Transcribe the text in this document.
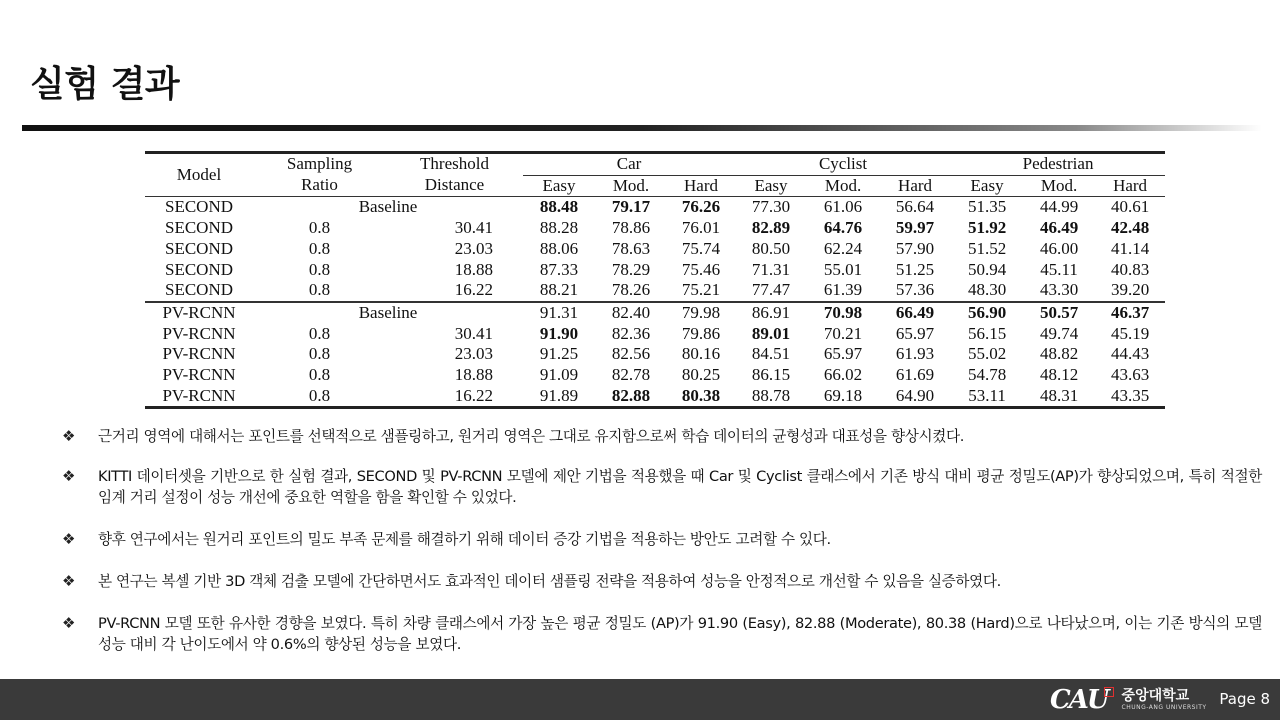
실험 결과
Model	Sampling	Threshold	Car			Cyclist			Pedestrian		
	Ratio	Distance	Easy	Mod.	Hard	Easy	Mod.	Hard	Easy	Mod.	Hard
SECOND	Baseline		88.48	79.17	76.26	77.30	61.06	56.64	51.35	44.99	40.61
SECOND	0.8	30.41	88.28	78.86	76.01	82.89	64.76	59.97	51.92	46.49	42.48
SECOND	0.8	23.03	88.06	78.63	75.74	80.50	62.24	57.90	51.52	46.00	41.14
SECOND	0.8	18.88	87.33	78.29	75.46	71.31	55.01	51.25	50.94	45.11	40.83
SECOND	0.8	16.22	88.21	78.26	75.21	77.47	61.39	57.36	48.30	43.30	39.20
PV-RCNN	Baseline		91.31	82.40	79.98	86.91	70.98	66.49	56.90	50.57	46.37
PV-RCNN	0.8	30.41	91.90	82.36	79.86	89.01	70.21	65.97	56.15	49.74	45.19
PV-RCNN	0.8	23.03	91.25	82.56	80.16	84.51	65.97	61.93	55.02	48.82	44.43
PV-RCNN	0.8	18.88	91.09	82.78	80.25	86.15	66.02	61.69	54.78	48.12	43.63
PV-RCNN	0.8	16.22	91.89	82.88	80.38	88.78	69.18	64.90	53.11	48.31	43.35
❖	근거리 영역에 대해서는 포인트를 선택적으로 샘플링하고, 원거리 영역은 그대로 유지함으로써 학습 데이터의 균형성과 대표성을 향상시켰다.
❖	KITTI 데이터셋을 기반으로 한 실험 결과, SECOND 및 PV-RCNN 모델에 제안 기법을 적용했을 때 Car 및 Cyclist 클래스에서 기존 방식 대비 평균 정밀도(AP)가 향상되었으며, 특히 적절한 임계 거리 설정이 성능 개선에 중요한 역할을 함을 확인할 수 있었다.
❖	향후 연구에서는 원거리 포인트의 밀도 부족 문제를 해결하기 위해 데이터 증강 기법을 적용하는 방안도 고려할 수 있다.
❖	본 연구는 복셀 기반 3D 객체 검출 모델에 간단하면서도 효과적인 데이터 샘플링 전략을 적용하여 성능을 안정적으로 개선할 수 있음을 실증하였다.
❖	PV-RCNN 모델 또한 유사한 경향을 보였다. 특히 차량 클래스에서 가장 높은 평균 정밀도 (AP)가 91.90 (Easy), 82.88 (Moderate), 80.38 (Hard)으로 나타났으며, 이는 기존 방식의 모델 성능 대비 각 난이도에서 약 0.6%의 향상된 성능을 보였다.
CAU 중앙대학교
CHUNG-ANG UNIVERSITY Page 8
